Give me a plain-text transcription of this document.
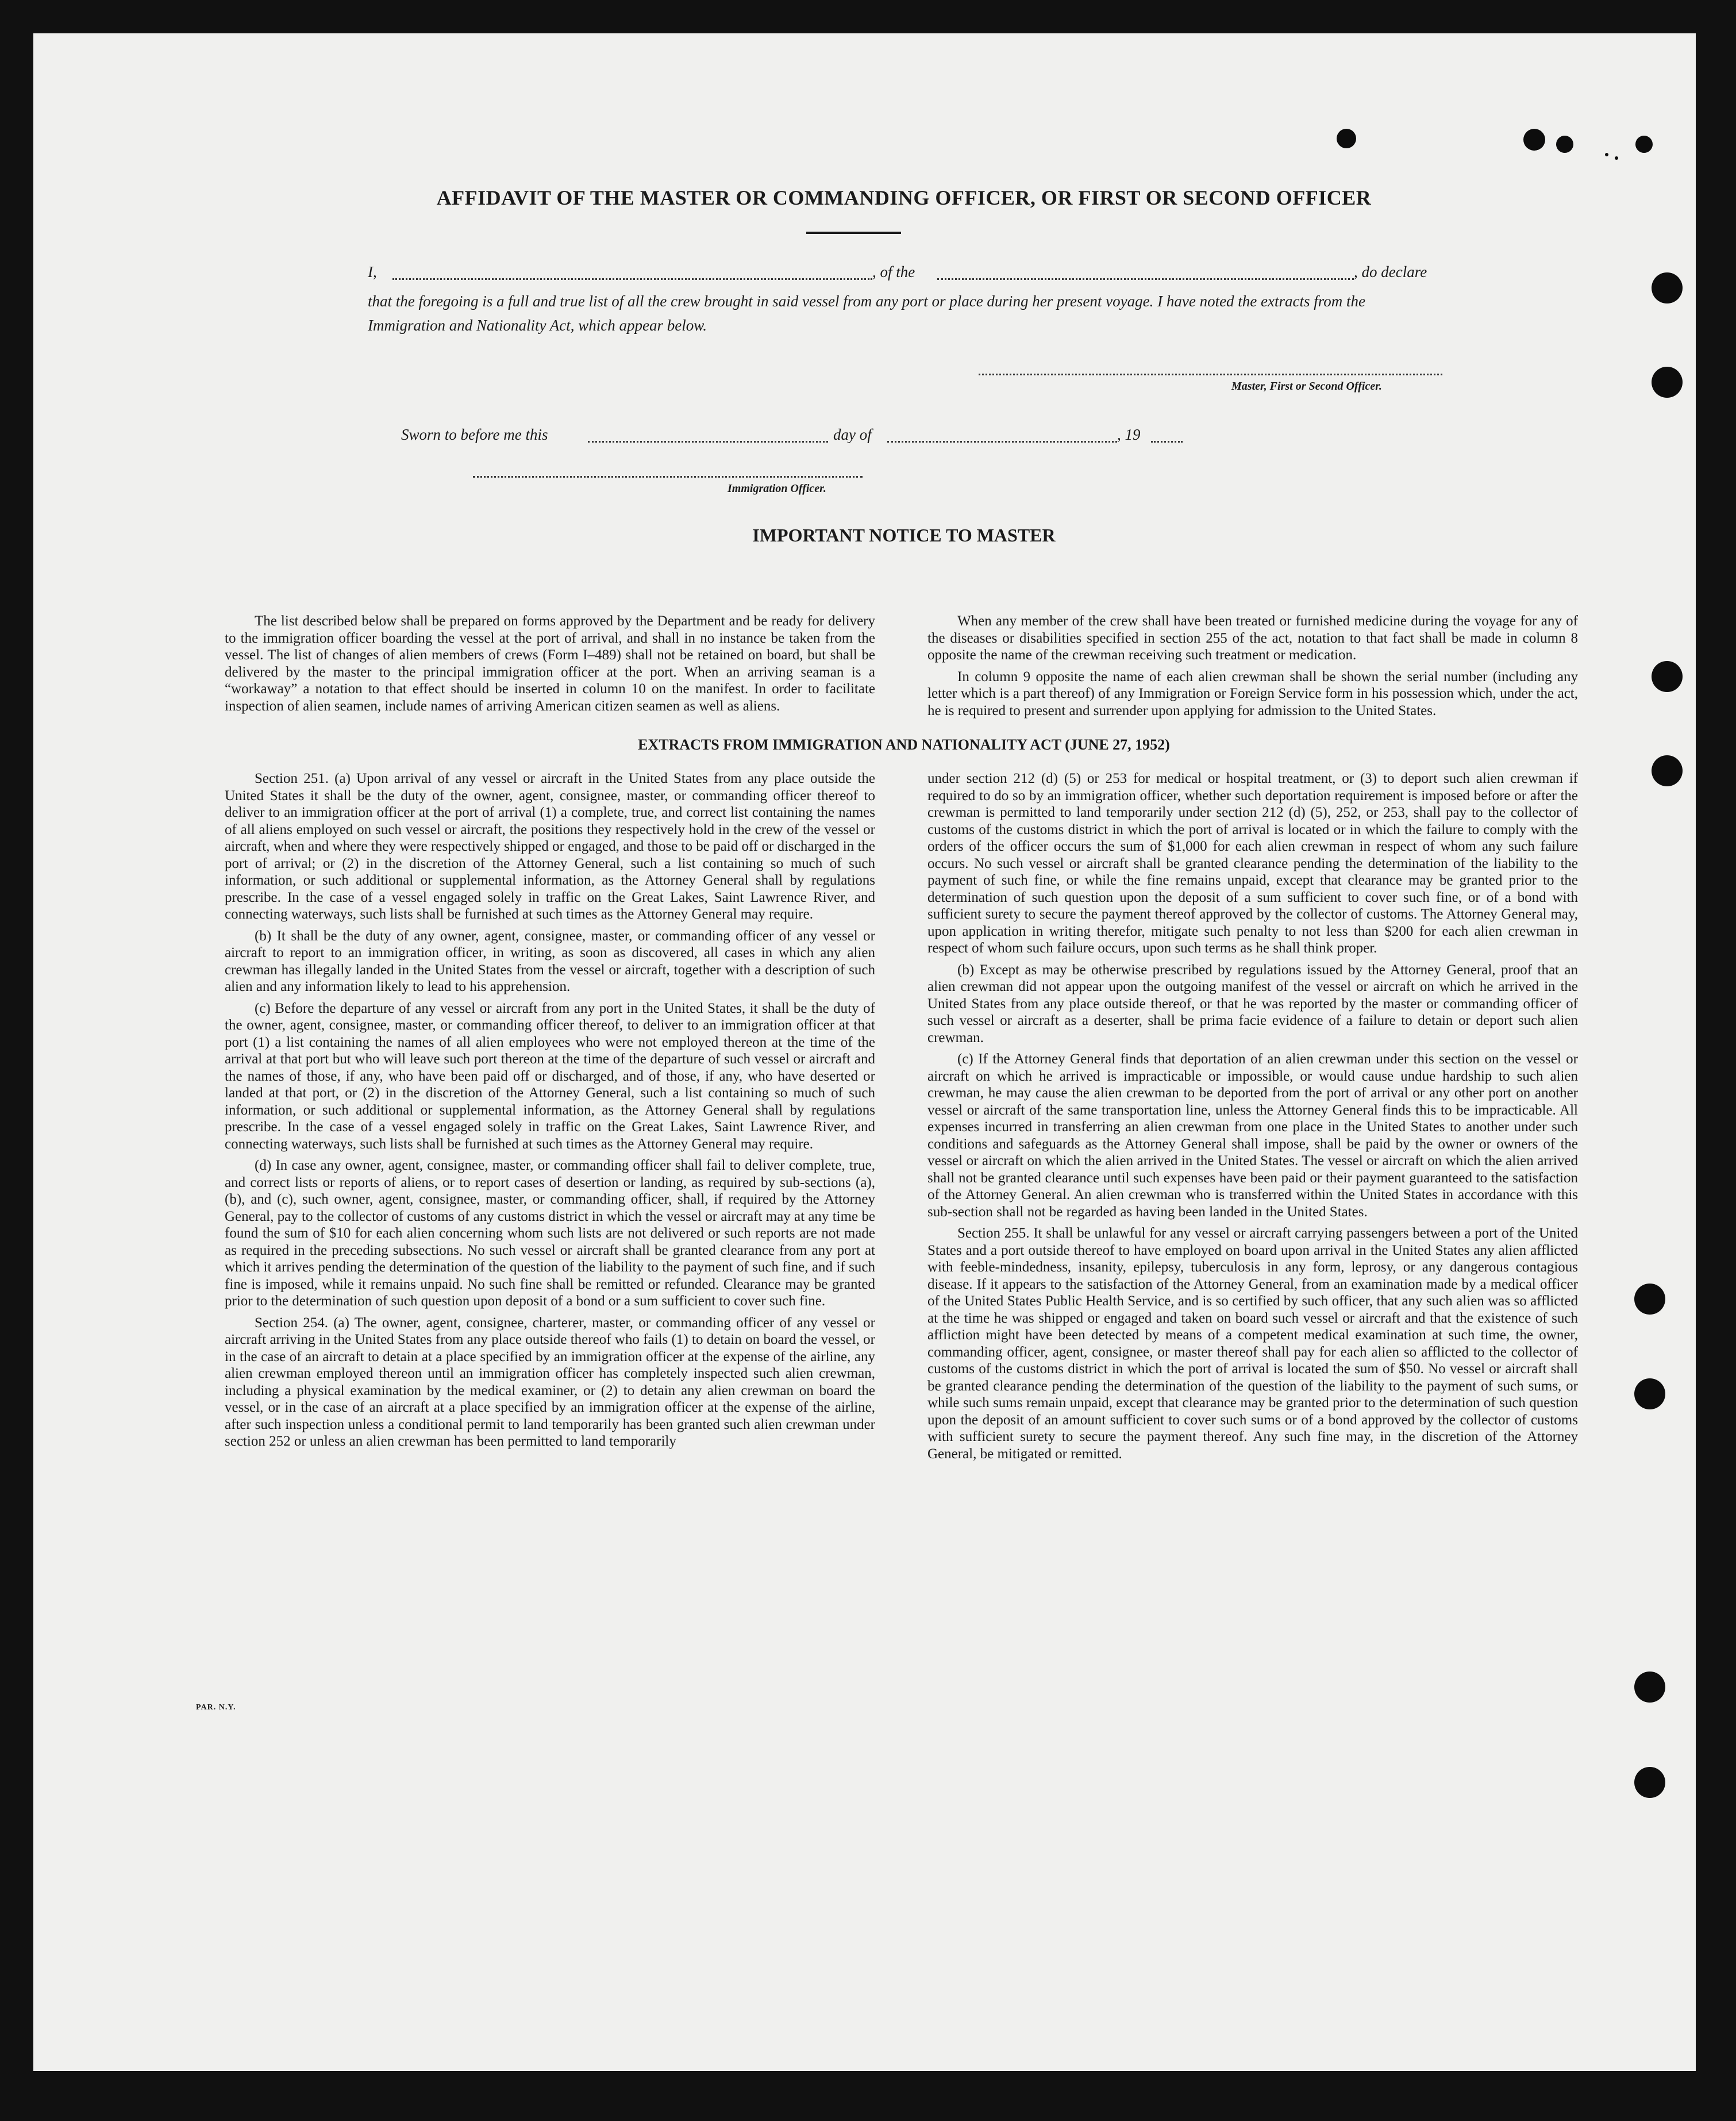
AFFIDAVIT OF THE MASTER OR COMMANDING OFFICER, OR FIRST OR SECOND OFFICER
I,	, of the	, do declare
that the foregoing is a full and true list of all the crew brought in said vessel from any port or place during her present voyage. I have noted the extracts from the Immigration and Nationality Act, which appear below.
Master, First or Second Officer.
Sworn to before me this	day of	, 19
Immigration Officer.
IMPORTANT NOTICE TO MASTER

The list described below shall be prepared on forms approved by the Department and be ready for delivery to the immigration officer boarding the vessel at the port of arrival, and shall in no instance be taken from the vessel. The list of changes of alien members of crews (Form I–489) shall not be retained on board, but shall be delivered by the master to the principal immigration officer at the port. When an arriving seaman is a “workaway” a notation to that effect should be inserted in column 10 on the manifest. In order to facilitate inspection of alien seamen, include names of arriving American citizen seamen as well as aliens.

When any member of the crew shall have been treated or furnished medicine during the voyage for any of the diseases or disabilities specified in section 255 of the act, notation to that fact shall be made in column 8 opposite the name of the crewman receiving such treatment or medication.

In column 9 opposite the name of each alien crewman shall be shown the serial number (including any letter which is a part thereof) of any Immigration or Foreign Service form in his possession which, under the act, he is required to present and surrender upon applying for admission to the United States.

EXTRACTS FROM IMMIGRATION AND NATIONALITY ACT (JUNE 27, 1952)

Section 251. (a) Upon arrival of any vessel or aircraft in the United States from any place outside the United States it shall be the duty of the owner, agent, consignee, master, or commanding officer thereof to deliver to an immigration officer at the port of arrival (1) a complete, true, and correct list containing the names of all aliens employed on such vessel or aircraft, the positions they respectively hold in the crew of the vessel or aircraft, when and where they were respectively shipped or engaged, and those to be paid off or discharged in the port of arrival; or (2) in the discretion of the Attorney General, such a list containing so much of such information, or such additional or supplemental information, as the Attorney General shall by regulations prescribe. In the case of a vessel engaged solely in traffic on the Great Lakes, Saint Lawrence River, and connecting waterways, such lists shall be furnished at such times as the Attorney General may require.

(b) It shall be the duty of any owner, agent, consignee, master, or commanding officer of any vessel or aircraft to report to an immigration officer, in writing, as soon as discovered, all cases in which any alien crewman has illegally landed in the United States from the vessel or aircraft, together with a description of such alien and any information likely to lead to his apprehension.

(c) Before the departure of any vessel or aircraft from any port in the United States, it shall be the duty of the owner, agent, consignee, master, or commanding officer thereof, to deliver to an immigration officer at that port (1) a list containing the names of all alien employees who were not employed thereon at the time of the arrival at that port but who will leave such port thereon at the time of the departure of such vessel or aircraft and the names of those, if any, who have been paid off or discharged, and of those, if any, who have deserted or landed at that port, or (2) in the discretion of the Attorney General, such a list containing so much of such information, or such additional or supplemental information, as the Attorney General shall by regulations prescribe. In the case of a vessel engaged solely in traffic on the Great Lakes, Saint Lawrence River, and connecting waterways, such lists shall be furnished at such times as the Attorney General may require.

(d) In case any owner, agent, consignee, master, or commanding officer shall fail to deliver complete, true, and correct lists or reports of aliens, or to report cases of desertion or landing, as required by sub-sections (a), (b), and (c), such owner, agent, consignee, master, or commanding officer, shall, if required by the Attorney General, pay to the collector of customs of any customs district in which the vessel or aircraft may at any time be found the sum of $10 for each alien concerning whom such lists are not delivered or such reports are not made as required in the preceding subsections. No such vessel or aircraft shall be granted clearance from any port at which it arrives pending the determination of the question of the liability to the payment of such fine, and if such fine is imposed, while it remains unpaid. No such fine shall be remitted or refunded. Clearance may be granted prior to the determination of such question upon deposit of a bond or a sum sufficient to cover such fine.

Section 254. (a) The owner, agent, consignee, charterer, master, or commanding officer of any vessel or aircraft arriving in the United States from any place outside thereof who fails (1) to detain on board the vessel, or in the case of an aircraft to detain at a place specified by an immigration officer at the expense of the airline, any alien crewman employed thereon until an immigration officer has completely inspected such alien crewman, including a physical examination by the medical examiner, or (2) to detain any alien crewman on board the vessel, or in the case of an aircraft at a place specified by an immigration officer at the expense of the airline, after such inspection unless a conditional permit to land temporarily has been granted such alien crewman under section 252 or unless an alien crewman has been permitted to land temporarily

under section 212 (d) (5) or 253 for medical or hospital treatment, or (3) to deport such alien crewman if required to do so by an immigration officer, whether such deportation requirement is imposed before or after the crewman is permitted to land temporarily under section 212 (d) (5), 252, or 253, shall pay to the collector of customs of the customs district in which the port of arrival is located or in which the failure to comply with the orders of the officer occurs the sum of $1,000 for each alien crewman in respect of whom any such failure occurs. No such vessel or aircraft shall be granted clearance pending the determination of the liability to the payment of such fine, or while the fine remains unpaid, except that clearance may be granted prior to the determination of such question upon the deposit of a sum sufficient to cover such fine, or of a bond with sufficient surety to secure the payment thereof approved by the collector of customs. The Attorney General may, upon application in writing therefor, mitigate such penalty to not less than $200 for each alien crewman in respect of whom such failure occurs, upon such terms as he shall think proper.

(b) Except as may be otherwise prescribed by regulations issued by the Attorney General, proof that an alien crewman did not appear upon the outgoing manifest of the vessel or aircraft on which he arrived in the United States from any place outside thereof, or that he was reported by the master or commanding officer of such vessel or aircraft as a deserter, shall be prima facie evidence of a failure to detain or deport such alien crewman.

(c) If the Attorney General finds that deportation of an alien crewman under this section on the vessel or aircraft on which he arrived is impracticable or impossible, or would cause undue hardship to such alien crewman, he may cause the alien crewman to be deported from the port of arrival or any other port on another vessel or aircraft of the same transportation line, unless the Attorney General finds this to be impracticable. All expenses incurred in transferring an alien crewman from one place in the United States to another under such conditions and safeguards as the Attorney General shall impose, shall be paid by the owner or owners of the vessel or aircraft on which the alien arrived in the United States. The vessel or aircraft on which the alien arrived shall not be granted clearance until such expenses have been paid or their payment guaranteed to the satisfaction of the Attorney General. An alien crewman who is transferred within the United States in accordance with this sub-section shall not be regarded as having been landed in the United States.

Section 255. It shall be unlawful for any vessel or aircraft carrying passengers between a port of the United States and a port outside thereof to have employed on board upon arrival in the United States any alien afflicted with feeble-mindedness, insanity, epilepsy, tuberculosis in any form, leprosy, or any dangerous contagious disease. If it appears to the satisfaction of the Attorney General, from an examination made by a medical officer of the United States Public Health Service, and is so certified by such officer, that any such alien was so afflicted at the time he was shipped or engaged and taken on board such vessel or aircraft and that the existence of such affliction might have been detected by means of a competent medical examination at such time, the owner, commanding officer, agent, consignee, or master thereof shall pay for each alien so afflicted to the collector of customs of the customs district in which the port of arrival is located the sum of $50. No vessel or aircraft shall be granted clearance pending the determination of the question of the liability to the payment of such sums, or while such sums remain unpaid, except that clearance may be granted prior to the determination of such question upon the deposit of an amount sufficient to cover such sums or of a bond approved by the collector of customs with sufficient surety to secure the payment thereof. Any such fine may, in the discretion of the Attorney General, be mitigated or remitted.

PAR. N.Y.
